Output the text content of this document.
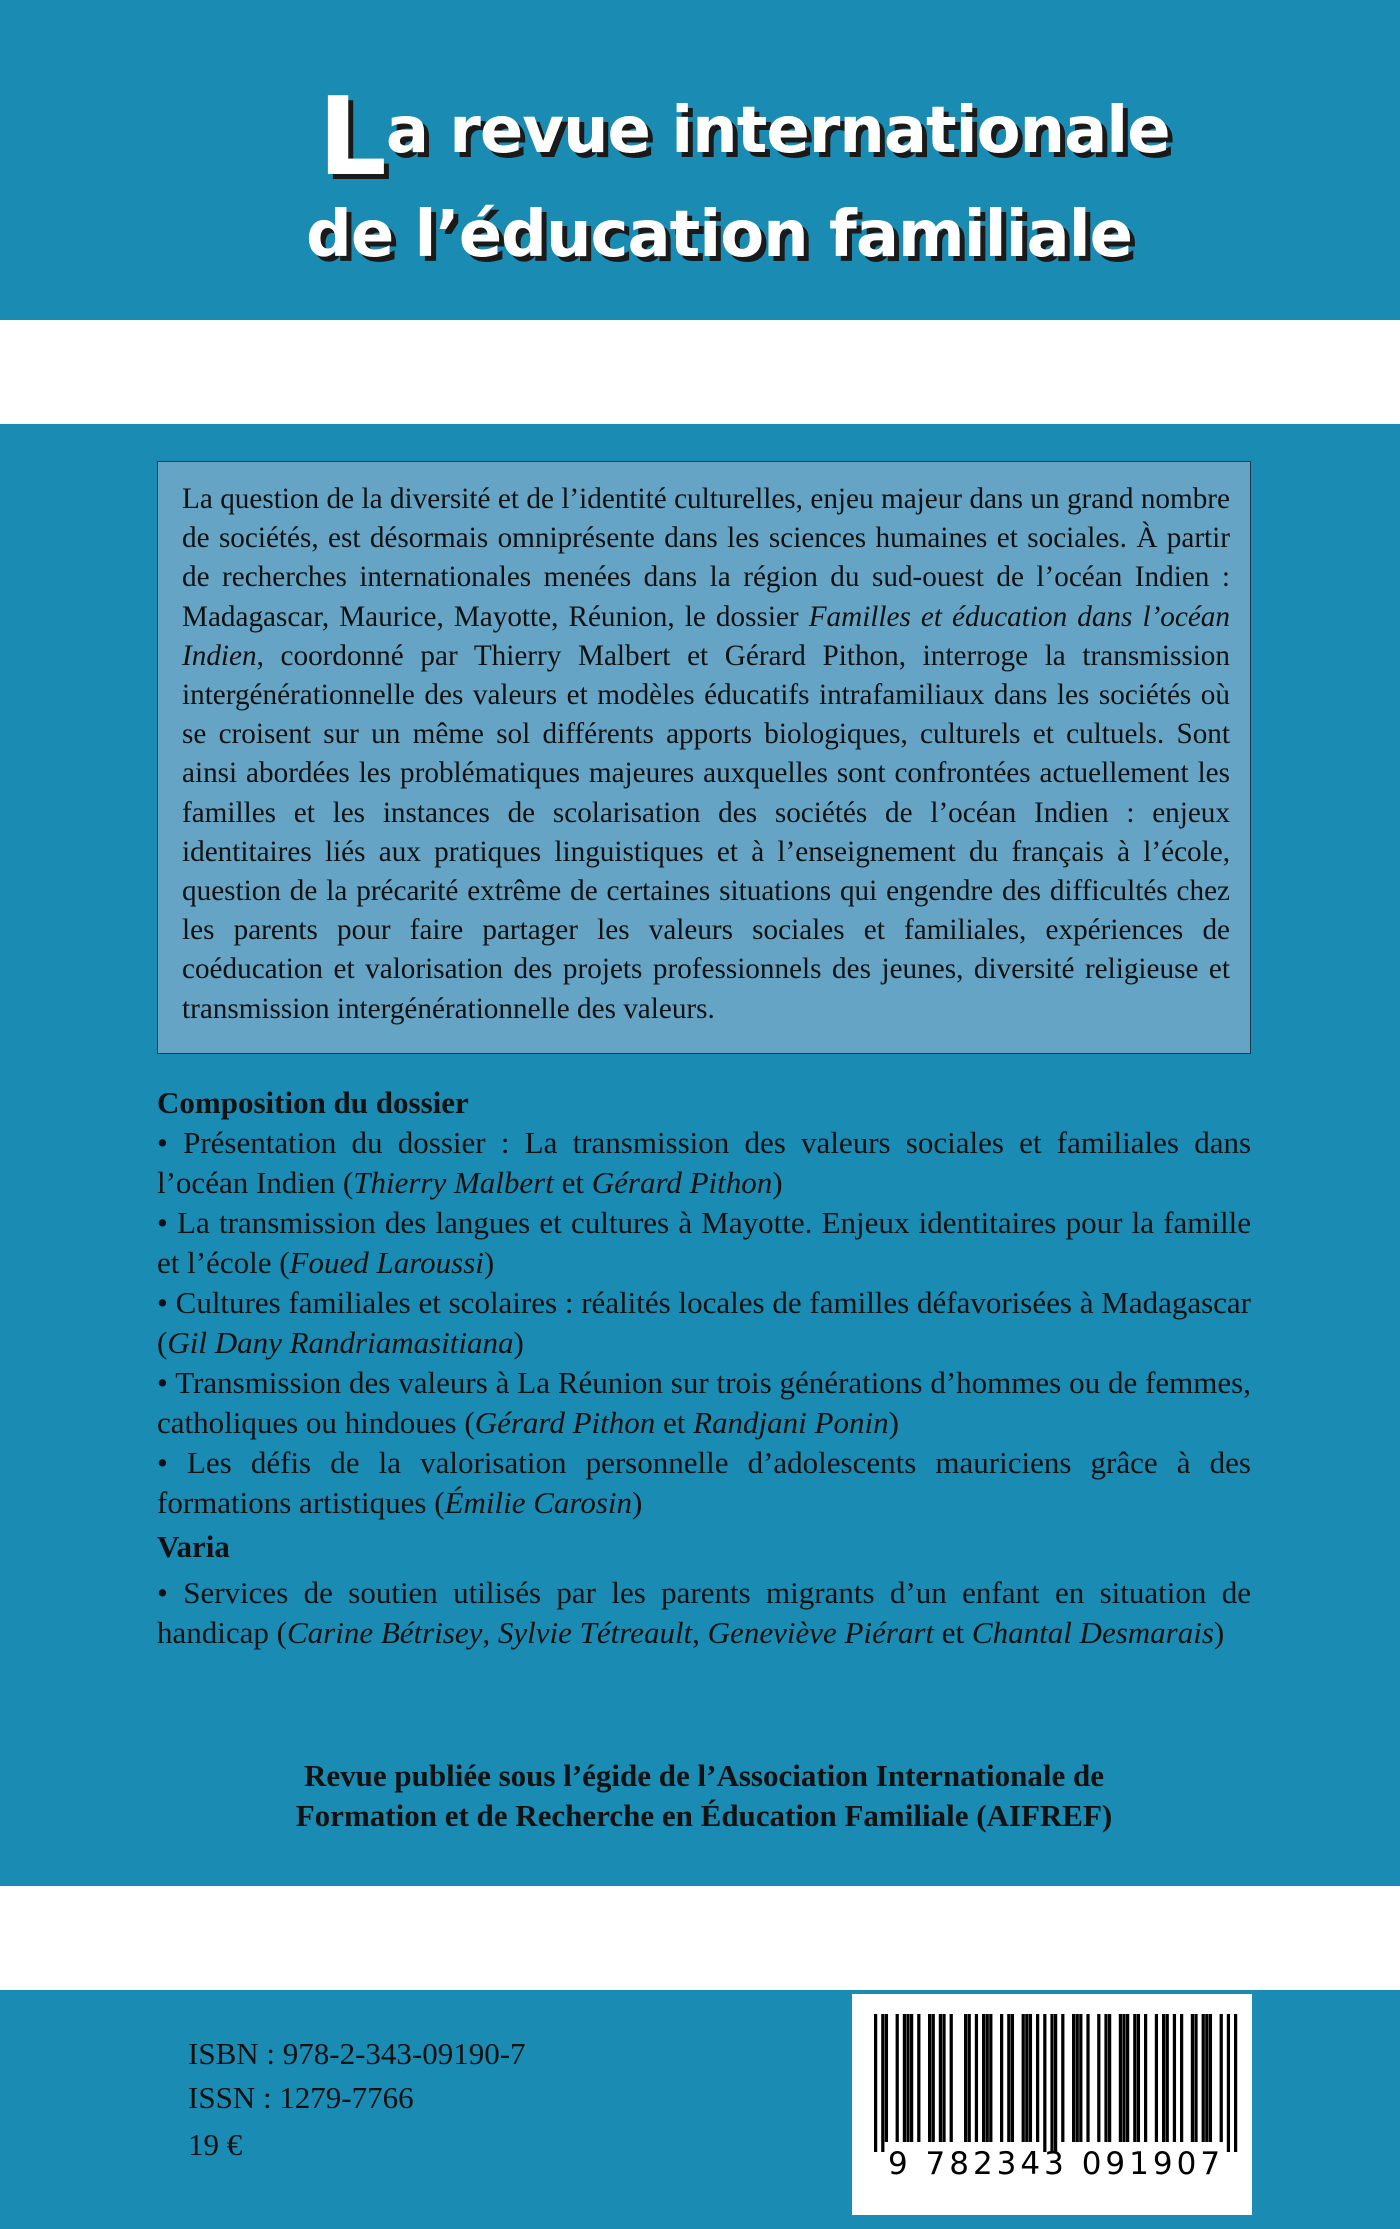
La revue internationale
de l’éducation familiale

La question de la diversité et de l’identité culturelles, enjeu majeur dans un grand nombre de sociétés, est désormais omniprésente dans les sciences humaines et sociales. À partir de recherches internationales menées dans la région du sud-ouest de l’océan Indien : Madagascar, Maurice, Mayotte, Réunion, le dossier Familles et éducation dans l’océan Indien, coordonné par Thierry Malbert et Gérard Pithon, interroge la transmission intergénérationnelle des valeurs et modèles éducatifs intrafamiliaux dans les sociétés où se croisent sur un même sol différents apports biologiques, culturels et cultuels. Sont ainsi abordées les problématiques majeures auxquelles sont confrontées actuellement les familles et les instances de scolarisation des sociétés de l’océan Indien : enjeux identitaires liés aux pratiques linguistiques et à l’enseignement du français à l’école, question de la précarité extrême de certaines situations qui engendre des difficultés chez les parents pour faire partager les valeurs sociales et familiales, expériences de coéducation et valorisation des projets professionnels des jeunes, diversité religieuse et transmission intergénérationnelle des valeurs.

Composition du dossier

• Présentation du dossier : La transmission des valeurs sociales et familiales dans l’océan Indien (Thierry Malbert et Gérard Pithon)

• La transmission des langues et cultures à Mayotte. Enjeux identitaires pour la famille et l’école (Foued Laroussi)

• Cultures familiales et scolaires : réalités locales de familles défavorisées à Madagascar (Gil Dany Randriamasitiana)

• Transmission des valeurs à La Réunion sur trois générations d’hommes ou de femmes, catholiques ou hindoues (Gérard Pithon et Randjani Ponin)

• Les défis de la valorisation personnelle d’adolescents mauriciens grâce à des formations artistiques (Émilie Carosin)

Varia

• Services de soutien utilisés par les parents migrants d’un enfant en situation de handicap (Carine Bétrisey, Sylvie Tétreault, Geneviève Piérart et Chantal Desmarais)

Revue publiée sous l’égide de l’Association Internationale de
Formation et de Recherche en Éducation Familiale (AIFREF)
ISBN : 978-2-343-09190-7
ISSN : 1279-7766
19 €
9 782343 091907
